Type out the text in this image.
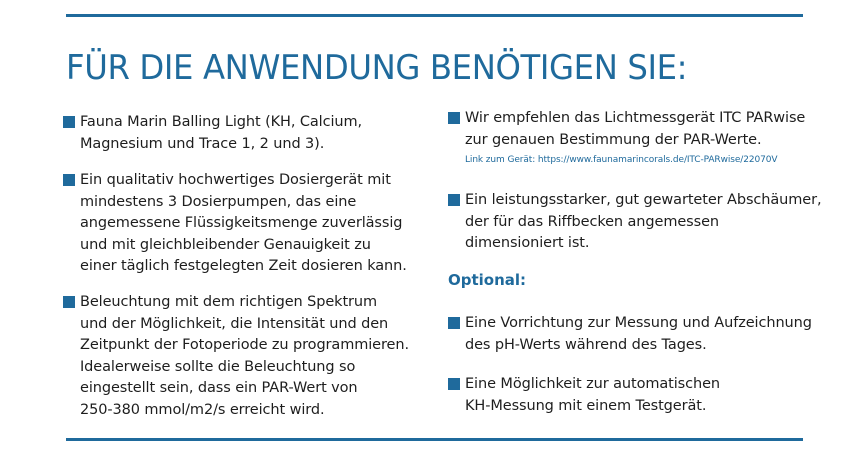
FÜR DIE ANWENDUNG BENÖTIGEN SIE:
Fauna Marin Balling Light (KH, Calcium,
Magnesium und Trace 1, 2 und 3).
Ein qualitativ hochwertiges Dosiergerät mit
mindestens 3 Dosierpumpen, das eine
angemessene Flüssigkeitsmenge zuverlässig
und mit gleichbleibender Genauigkeit zu
einer täglich festgelegten Zeit dosieren kann.
Beleuchtung mit dem richtigen Spektrum
und der Möglichkeit, die Intensität und den
Zeitpunkt der Fotoperiode zu programmieren.
Idealerweise sollte die Beleuchtung so
eingestellt sein, dass ein PAR-Wert von
250-380 mmol/m2/s erreicht wird.
Wir empfehlen das Lichtmessgerät ITC PARwise
zur genauen Bestimmung der PAR-Werte.
Link zum Gerät: https://www.faunamarincorals.de/ITC-PARwise/22070V
Ein leistungsstarker, gut gewarteter Abschäumer,
der für das Riffbecken angemessen
dimensioniert ist.
Optional:
Eine Vorrichtung zur Messung und Aufzeichnung
des pH-Werts während des Tages.
Eine Möglichkeit zur automatischen
KH-Messung mit einem Testgerät.
